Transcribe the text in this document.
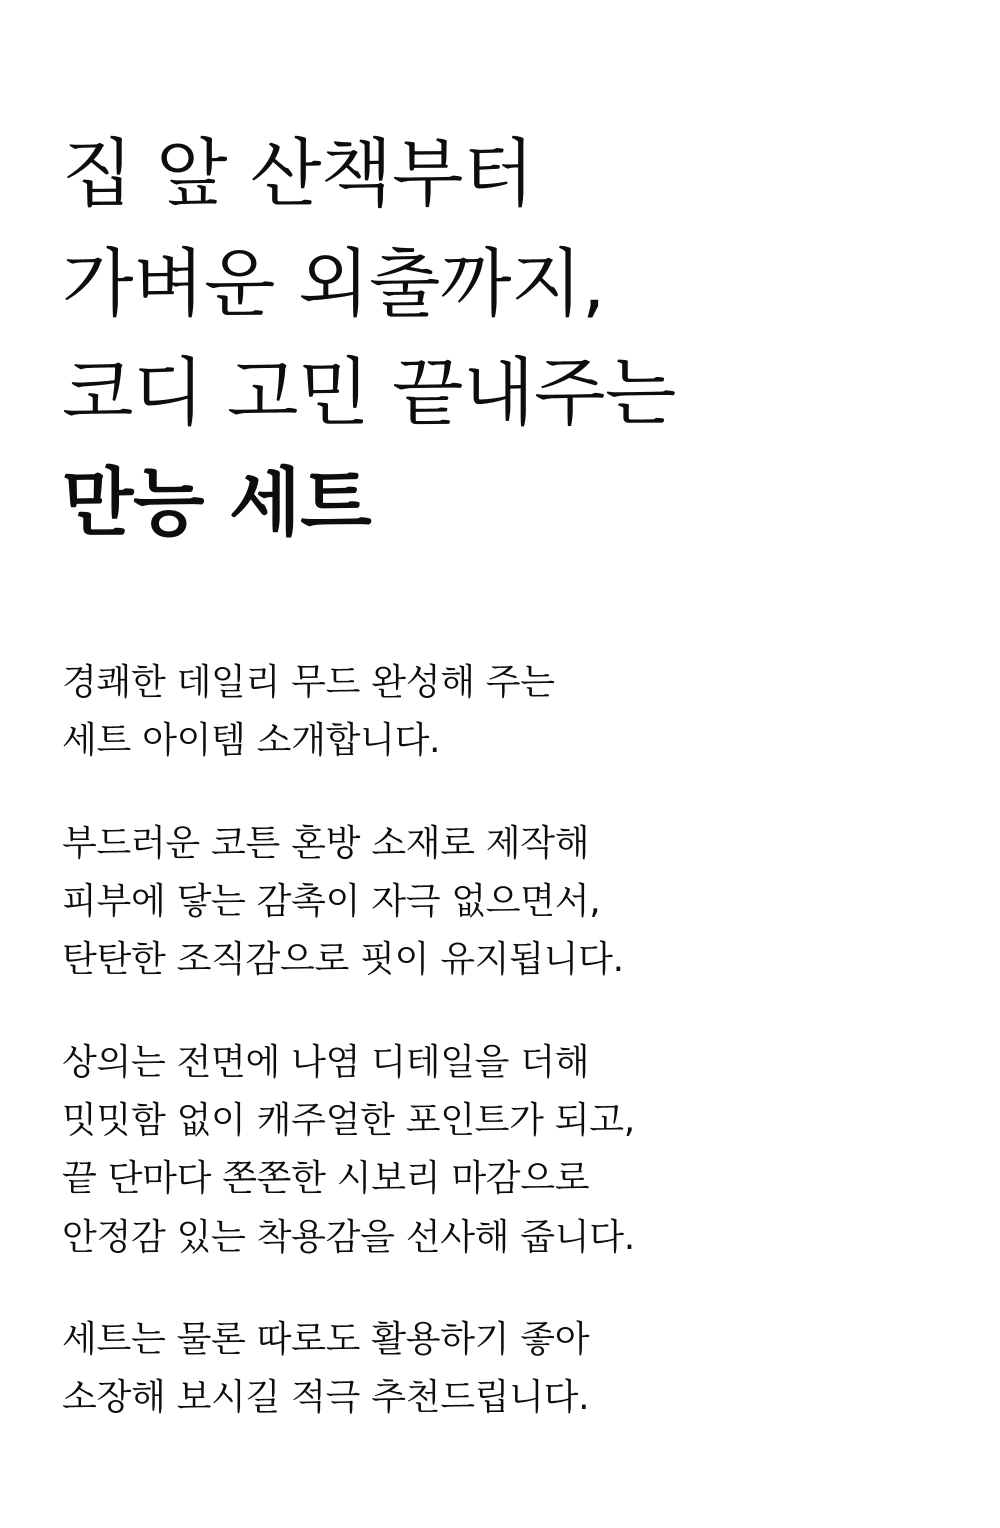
집 앞 산책부터
가벼운 외출까지,
코디 고민 끝내주는
만능 세트

경쾌한 데일리 무드 완성해 주는
세트 아이템 소개합니다.

부드러운 코튼 혼방 소재로 제작해
피부에 닿는 감촉이 자극 없으면서,
탄탄한 조직감으로 핏이 유지됩니다.

상의는 전면에 나염 디테일을 더해
밋밋함 없이 캐주얼한 포인트가 되고,
끝 단마다 쫀쫀한 시보리 마감으로
안정감 있는 착용감을 선사해 줍니다.

세트는 물론 따로도 활용하기 좋아
소장해 보시길 적극 추천드립니다.
